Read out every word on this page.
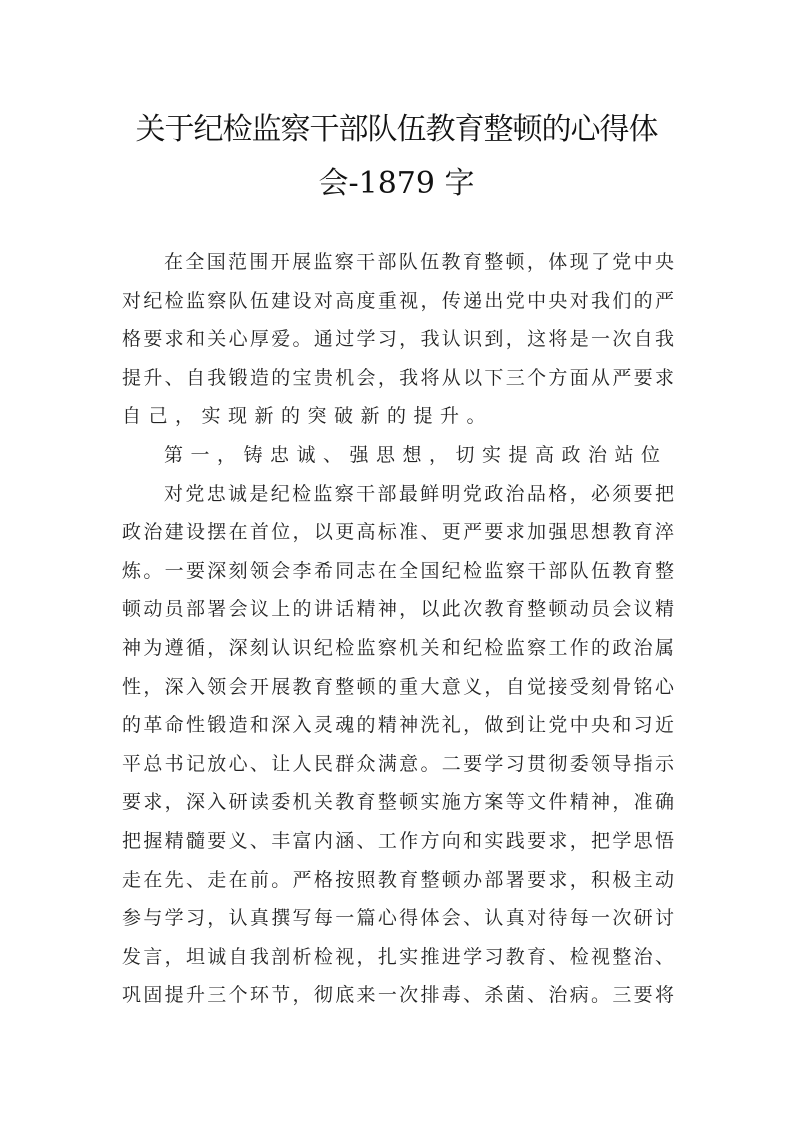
关于纪检监察干部队伍教育整顿的心得体
会-1879 字
在全国范围开展监察干部队伍教育整顿，体现了党中央
对纪检监察队伍建设对高度重视，传递出党中央对我们的严
格要求和关心厚爱。通过学习，我认识到，这将是一次自我
提升、自我锻造的宝贵机会，我将从以下三个方面从严要求
自己，实现新的突破新的提升。
第一，铸忠诚、强思想，切实提高政治站位
对党忠诚是纪检监察干部最鲜明党政治品格，必须要把
政治建设摆在首位，以更高标准、更严要求加强思想教育淬
炼。一要深刻领会李希同志在全国纪检监察干部队伍教育整
顿动员部署会议上的讲话精神，以此次教育整顿动员会议精
神为遵循，深刻认识纪检监察机关和纪检监察工作的政治属
性，深入领会开展教育整顿的重大意义，自觉接受刻骨铭心
的革命性锻造和深入灵魂的精神洗礼，做到让党中央和习近
平总书记放心、让人民群众满意。二要学习贯彻委领导指示
要求，深入研读委机关教育整顿实施方案等文件精神，准确
把握精髓要义、丰富内涵、工作方向和实践要求，把学思悟
走在先、走在前。严格按照教育整顿办部署要求，积极主动
参与学习，认真撰写每一篇心得体会、认真对待每一次研讨
发言，坦诚自我剖析检视，扎实推进学习教育、检视整治、
巩固提升三个环节，彻底来一次排毒、杀菌、治病。三要将
